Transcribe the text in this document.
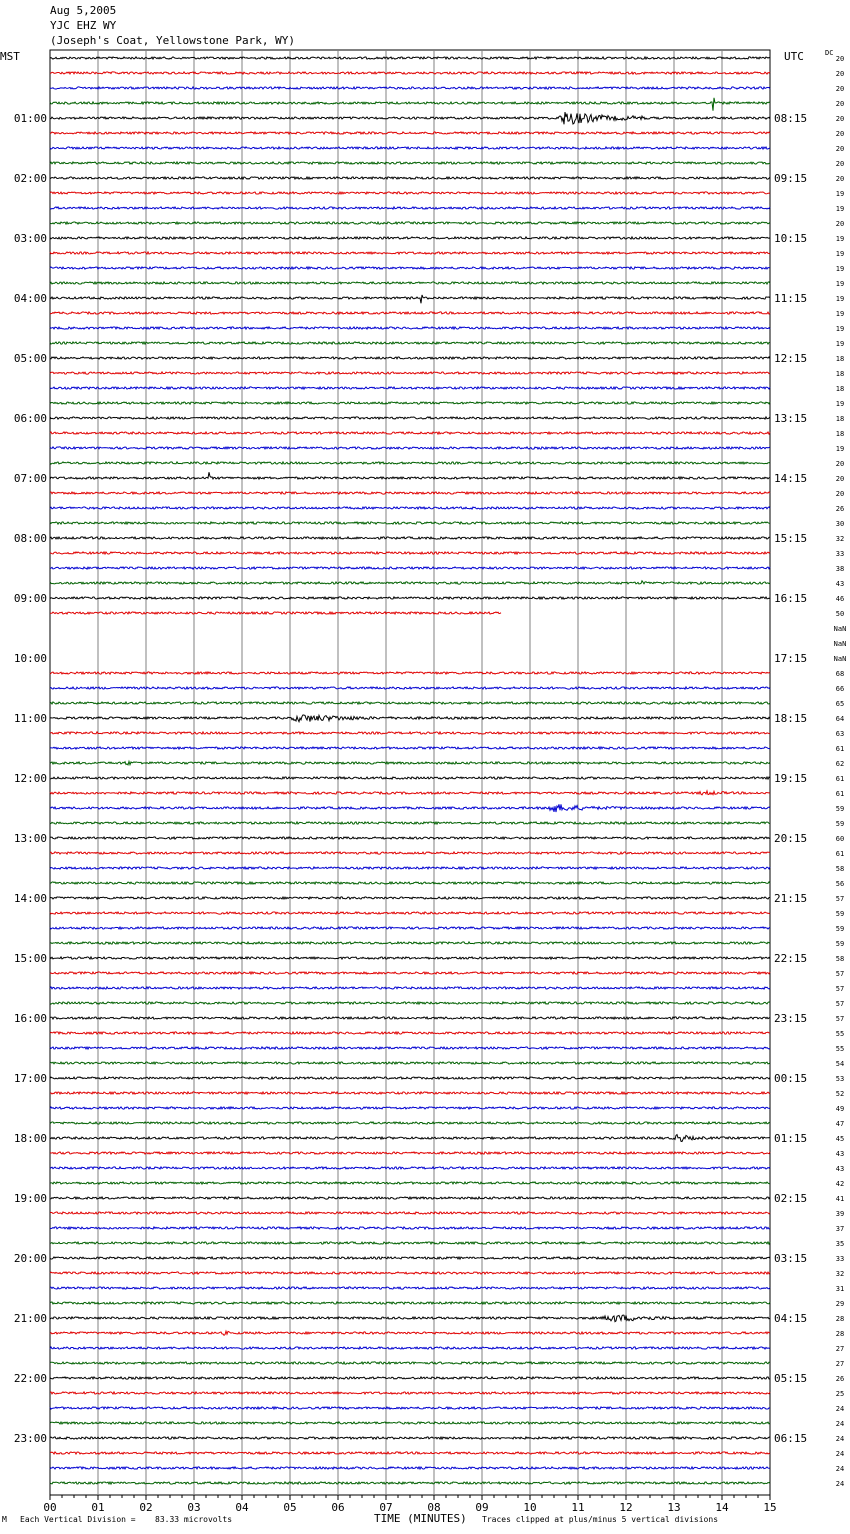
Aug 5,2005
YJC EHZ WY
(Joseph's Coat, Yellowstone Park, WY)
MST	UTC	DC
00	01	02	03	04	05	06	07	08	09	10	11	12	13	14	15
20
20
20
20
20
20
20
20
20
19
19
20
19
19
19
19
19
19
19
19
18
18
18
19
18
18
19
20
20
20
26
30
32
33
38
43
46
50
NaN
NaN
NaN
68
66
65
64
63
61
62
61
61
59
59
60
61
58
56
57
59
59
59
58
57
57
57
57
55
55
54
53
52
49
47
45
43
43
42
41
39
37
35
33
32
31
29
28
28
27
27
26
25
24
24
24
24
24
24
01:00
02:00
03:00
04:00
05:00
06:00
07:00
08:00
09:00
10:00
11:00
12:00
13:00
14:00
15:00
16:00
17:00
18:00
19:00
20:00
21:00
22:00
23:00
08:15
09:15
10:15
11:15
12:15
13:15
14:15
15:15
16:15
17:15
18:15
19:15
20:15
21:15
22:15
23:15
00:15
01:15
02:15
03:15
04:15
05:15
06:15
M Each Vertical Division = 83.33 microvolts	TIME (MINUTES) Traces clipped at plus/minus 5 vertical divisions
